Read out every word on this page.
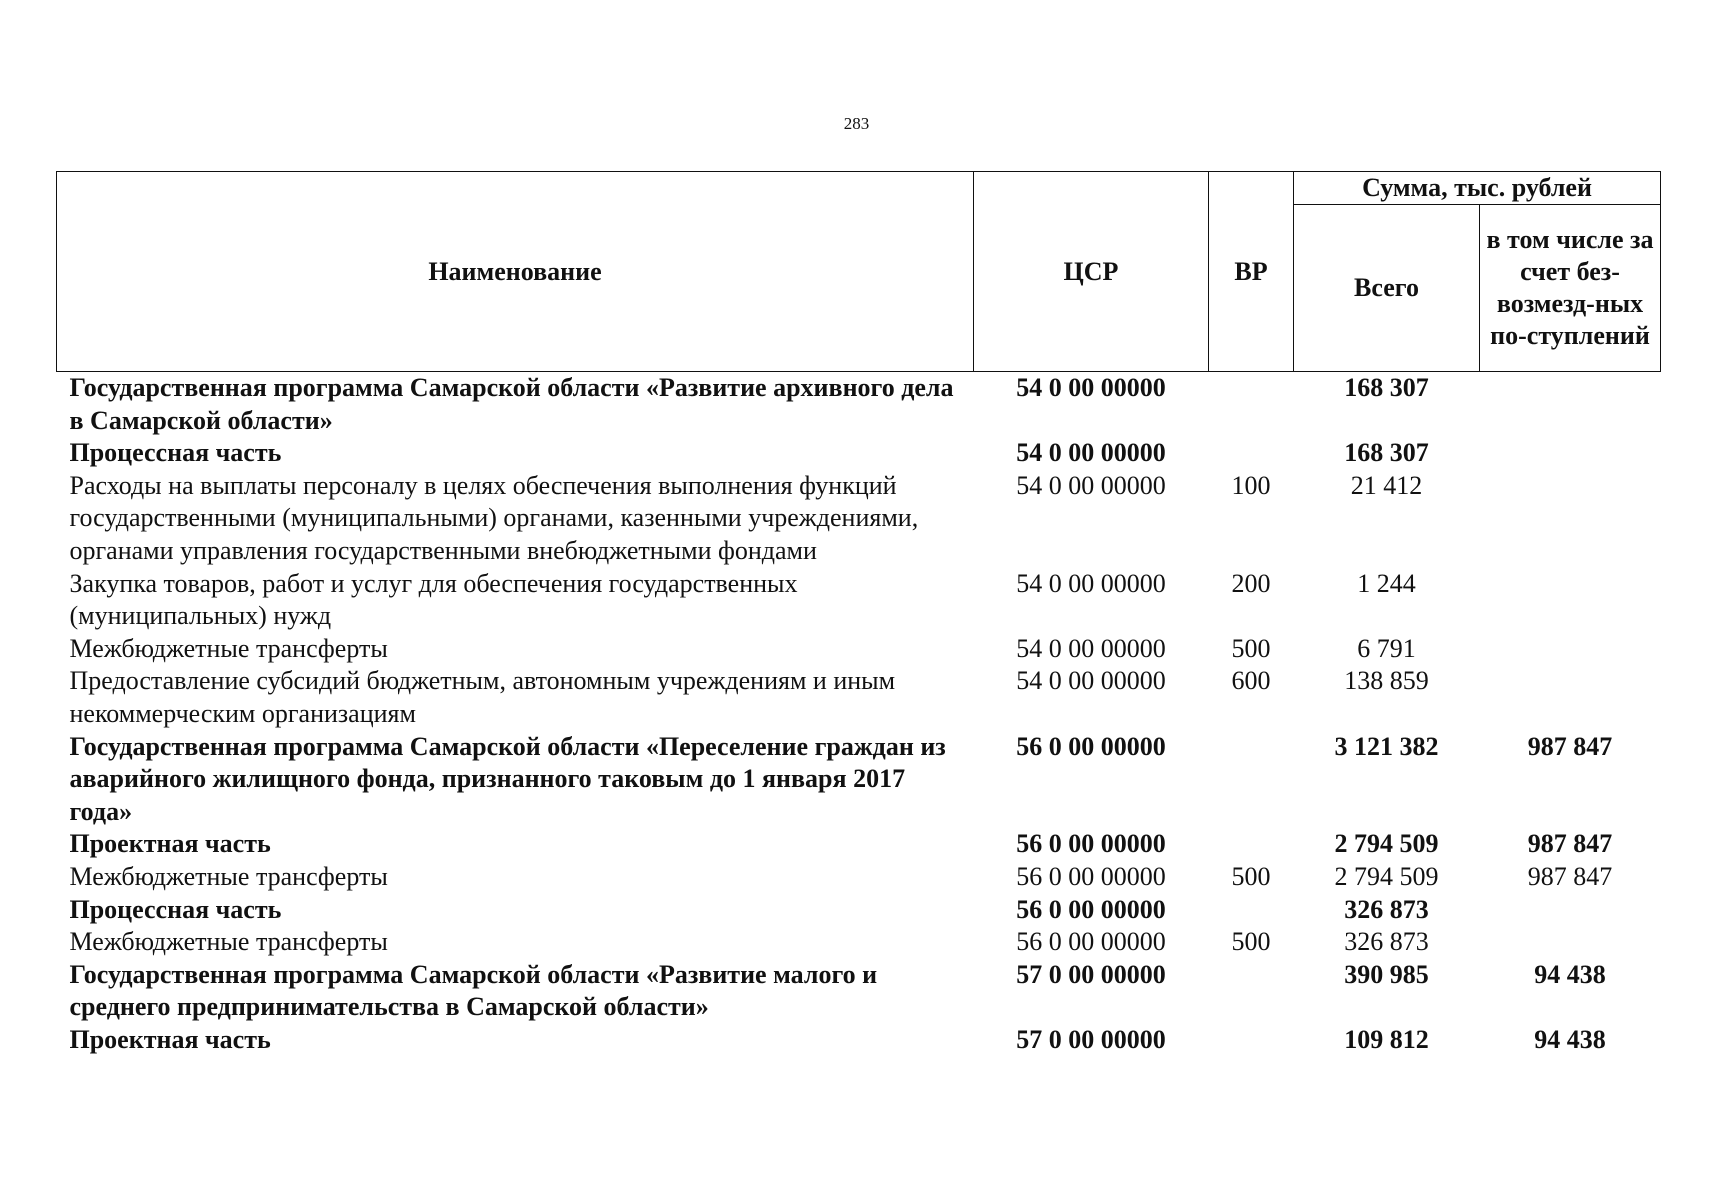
283
Наименование	ЦСР	ВР	Сумма, тыс. рублей	
			Всего	в том числе за счет без-возмезд-ных по-ступлений
Государственная программа Самарской области «Развитие архивного дела в Самарской области»	54 0 00 00000		168 307	
Процессная часть	54 0 00 00000		168 307	
Расходы на выплаты персоналу в целях обеспечения выполнения функций государственными (муниципальными) органами, казенными учреждениями, органами управления государственными внебюджетными фондами	54 0 00 00000	100	21 412	
Закупка товаров, работ и услуг для обеспечения государственных (муниципальных) нужд	54 0 00 00000	200	1 244	
Межбюджетные трансферты	54 0 00 00000	500	6 791	
Предоставление субсидий бюджетным, автономным учреждениям и иным некоммерческим организациям	54 0 00 00000	600	138 859	
Государственная программа Самарской области «Переселение граждан из аварийного жилищного фонда, признанного таковым до 1 января 2017 года»	56 0 00 00000		3 121 382	987 847
Проектная часть	56 0 00 00000		2 794 509	987 847
Межбюджетные трансферты	56 0 00 00000	500	2 794 509	987 847
Процессная часть	56 0 00 00000		326 873	
Межбюджетные трансферты	56 0 00 00000	500	326 873	
Государственная программа Самарской области «Развитие малого и среднего предпринимательства в Самарской области»	57 0 00 00000		390 985	94 438
Проектная часть	57 0 00 00000		109 812	94 438
